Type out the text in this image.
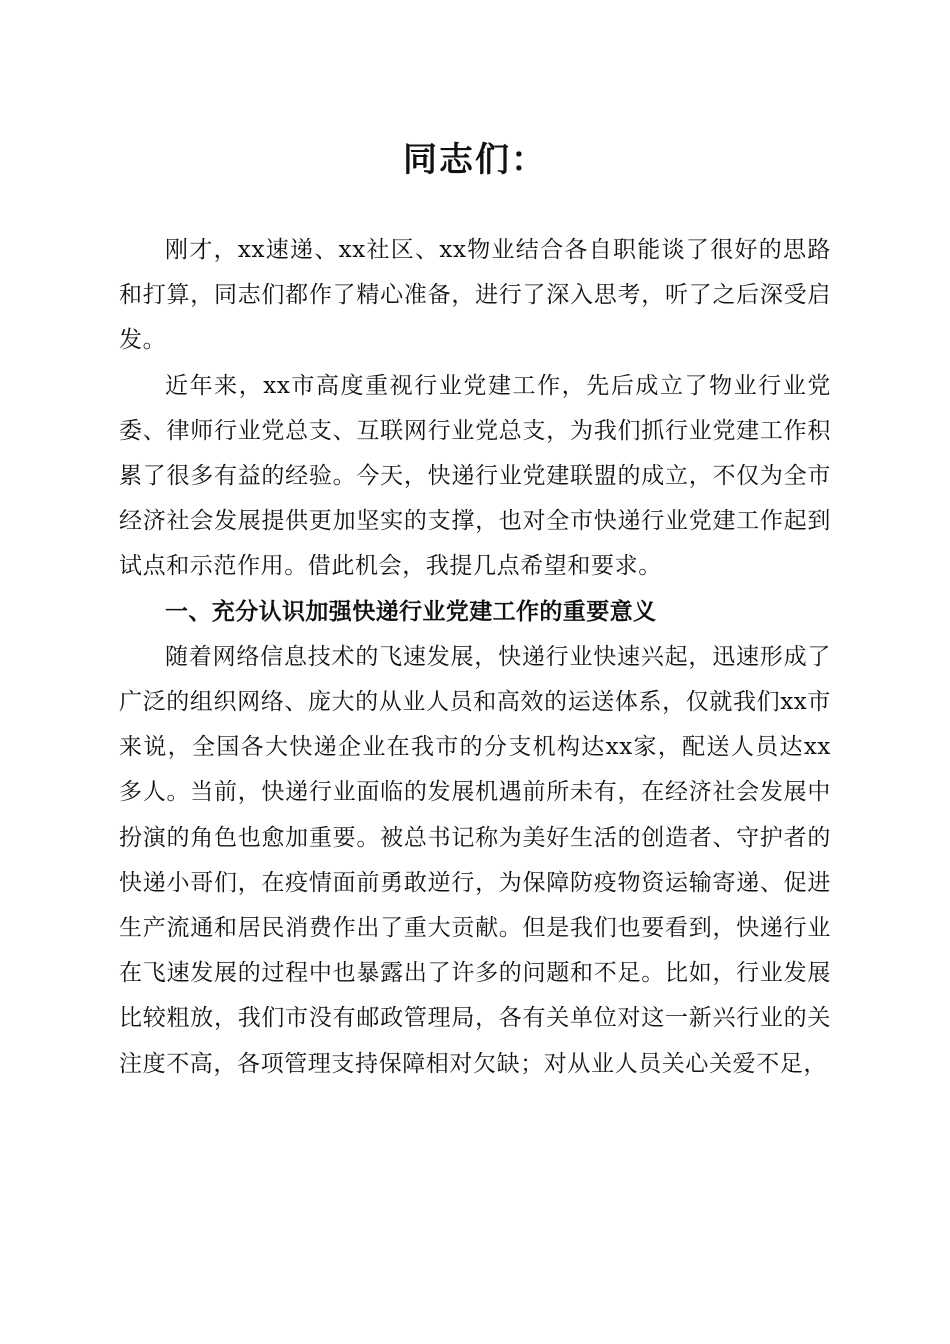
同志们：

刚才，xx速递、xx社区、xx物业结合各自职能谈了很好的思路和打算，同志们都作了精心准备，进行了深入思考，听了之后深受启发。

近年来，xx市高度重视行业党建工作，先后成立了物业行业党委、律师行业党总支、互联网行业党总支，为我们抓行业党建工作积累了很多有益的经验。今天，快递行业党建联盟的成立，不仅为全市经济社会发展提供更加坚实的支撑，也对全市快递行业党建工作起到试点和示范作用。借此机会，我提几点希望和要求。

一、充分认识加强快递行业党建工作的重要意义

随着网络信息技术的飞速发展，快递行业快速兴起，迅速形成了广泛的组织网络、庞大的从业人员和高效的运送体系，仅就我们xx市来说，全国各大快递企业在我市的分支机构达xx家，配送人员达xx多人。当前，快递行业面临的发展机遇前所未有，在经济社会发展中扮演的角色也愈加重要。被总书记称为美好生活的创造者、守护者的快递小哥们，在疫情面前勇敢逆行，为保障防疫物资运输寄递、促进生产流通和居民消费作出了重大贡献。但是我们也要看到，快递行业在飞速发展的过程中也暴露出了许多的问题和不足。比如，行业发展比较粗放，我们市没有邮政管理局，各有关单位对这一新兴行业的关注度不高，各项管理支持保障相对欠缺；对从业人员关心关爱不足，
